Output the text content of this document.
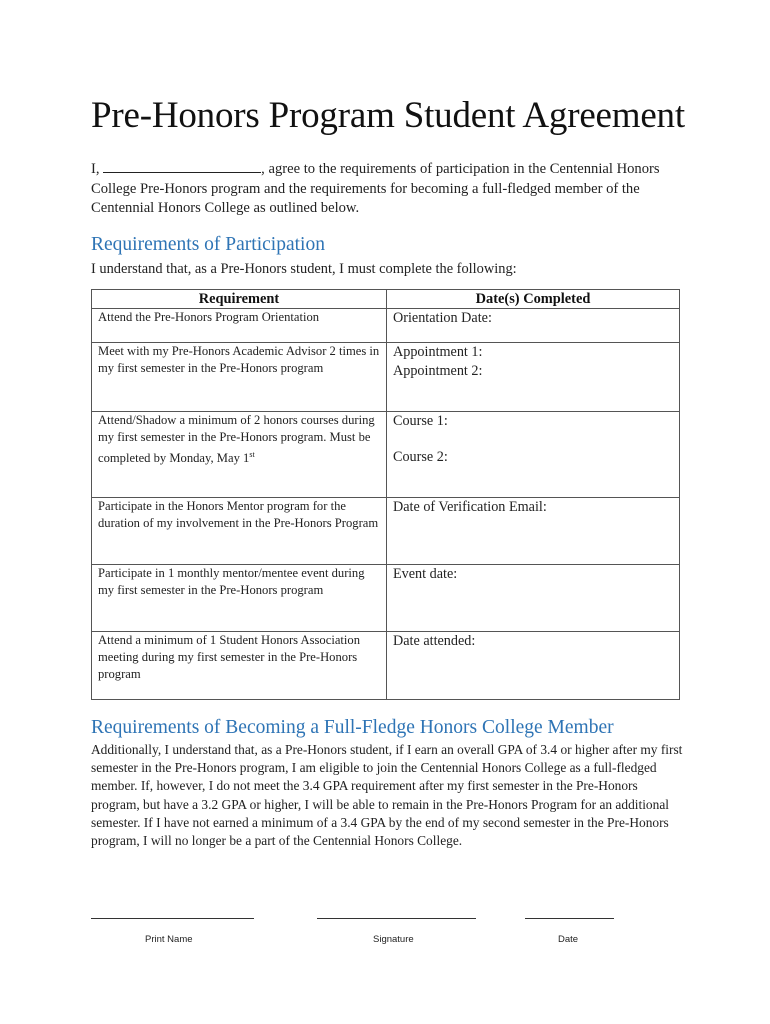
Pre-Honors Program Student Agreement
I,	, agree to the requirements of participation in the Centennial Honors College Pre-Honors program and the requirements for becoming a full-fledged member of the Centennial Honors College as outlined below.
Requirements of Participation
I understand that, as a Pre-Honors student, I must complete the following:
Requirement	Date(s) Completed
Attend the Pre-Honors Program Orientation	Orientation Date:

Meet with my Pre-Honors Academic Advisor 2 times in my first semester in the Pre-Honors program	Appointment 1:
Appointment 2:

Attend/Shadow a minimum of 2 honors courses during my first semester in the Pre-Honors program. Must be completed by Monday, May 1st	Course 1:
Course 2:

Participate in the Honors Mentor program for the duration of my involvement in the Pre-Honors Program	Date of Verification Email:

Participate in 1 monthly mentor/mentee event during my first semester in the Pre-Honors program	Event date:

Attend a minimum of 1 Student Honors Association meeting during my first semester in the Pre-Honors program	Date attended:
Requirements of Becoming a Full-Fledge Honors College Member
Additionally, I understand that, as a Pre-Honors student, if I earn an overall GPA of 3.4 or higher after my first semester in the Pre-Honors program, I am eligible to join the Centennial Honors College as a full-fledged member. If, however, I do not meet the 3.4 GPA requirement after my first semester in the Pre-Honors program, but have a 3.2 GPA or higher, I will be able to remain in the Pre-Honors Program for an additional semester. If I have not earned a minimum of a 3.4 GPA by the end of my second semester in the Pre-Honors program, I will no longer be a part of the Centennial Honors College.
Print Name	Signature	Date
